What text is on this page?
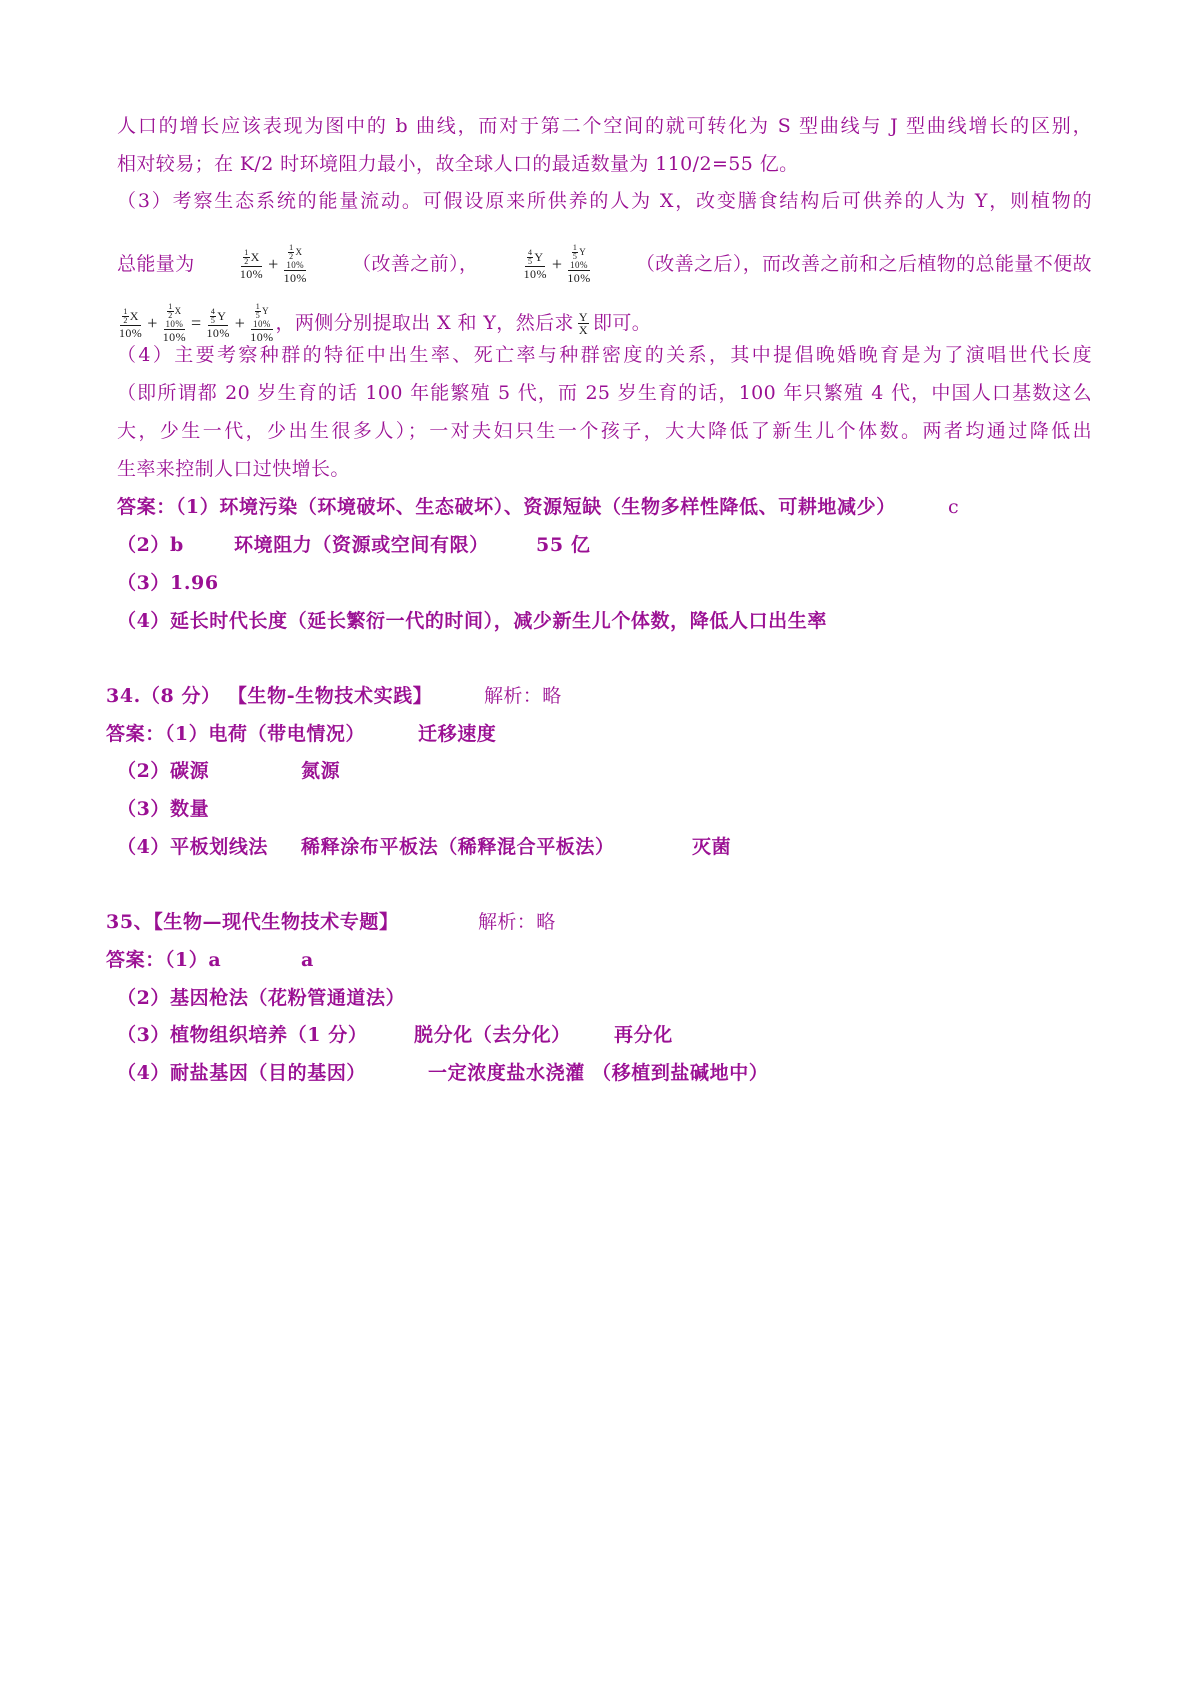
人口的增长应该表现为图中的 b 曲线，而对于第二个空间的就可转化为 S 型曲线与 J 型曲线增长的区别，
相对较易；在 K/2 时环境阻力最小，故全球人口的最适数量为 110/2=55 亿。
（3）考察生态系统的能量流动。可假设原来所供养的人为 X，改变膳食结构后可供养的人为 Y，则植物的
总能量为	1
2 X
10% + 1
2 X
10%
10% （改善之前），	4
5 Y
10% + 1
5 Y
10%
10% （改善之后），而改善之前和之后植物的总能量不便故
1
2 X
10% + 1
2 X
10%
10% = 4
5 Y
10% + 1
5 Y
10%
10% ，两侧分别提取出 X 和 Y，然后求 Y
X 即可。
（4）主要考察种群的特征中出生率、死亡率与种群密度的关系，其中提倡晚婚晚育是为了演唱世代长度
（即所谓都 20 岁生育的话 100 年能繁殖 5 代，而 25 岁生育的话，100 年只繁殖 4 代，中国人口基数这么
大，少生一代，少出生很多人）；一对夫妇只生一个孩子，大大降低了新生儿个体数。两者均通过降低出
生率来控制人口过快增长。
答案：（1）环境污染（环境破坏、生态破坏）、资源短缺（生物多样性降低、可耕地减少）	c
（2）b	环境阻力（资源或空间有限） 55 亿
（3）1.96
（4）延长时代长度（延长繁衍一代的时间），减少新生儿个体数，降低人口出生率
34.（8 分） 【生物-生物技术实践】	解析：略
答案：（1）电荷（带电情况）	迁移速度
（2）碳源	氮源
（3）数量
（4）平板划线法 稀释涂布平板法（稀释混合平板法）	灭菌
35、【生物—现代生物技术专题】	解析：略
答案：（1）a	a
（2）基因枪法（花粉管通道法）
（3）植物组织培养（1 分） 脱分化（去分化） 再分化
（4）耐盐基因（目的基因）	一定浓度盐水浇灌 （移植到盐碱地中）
